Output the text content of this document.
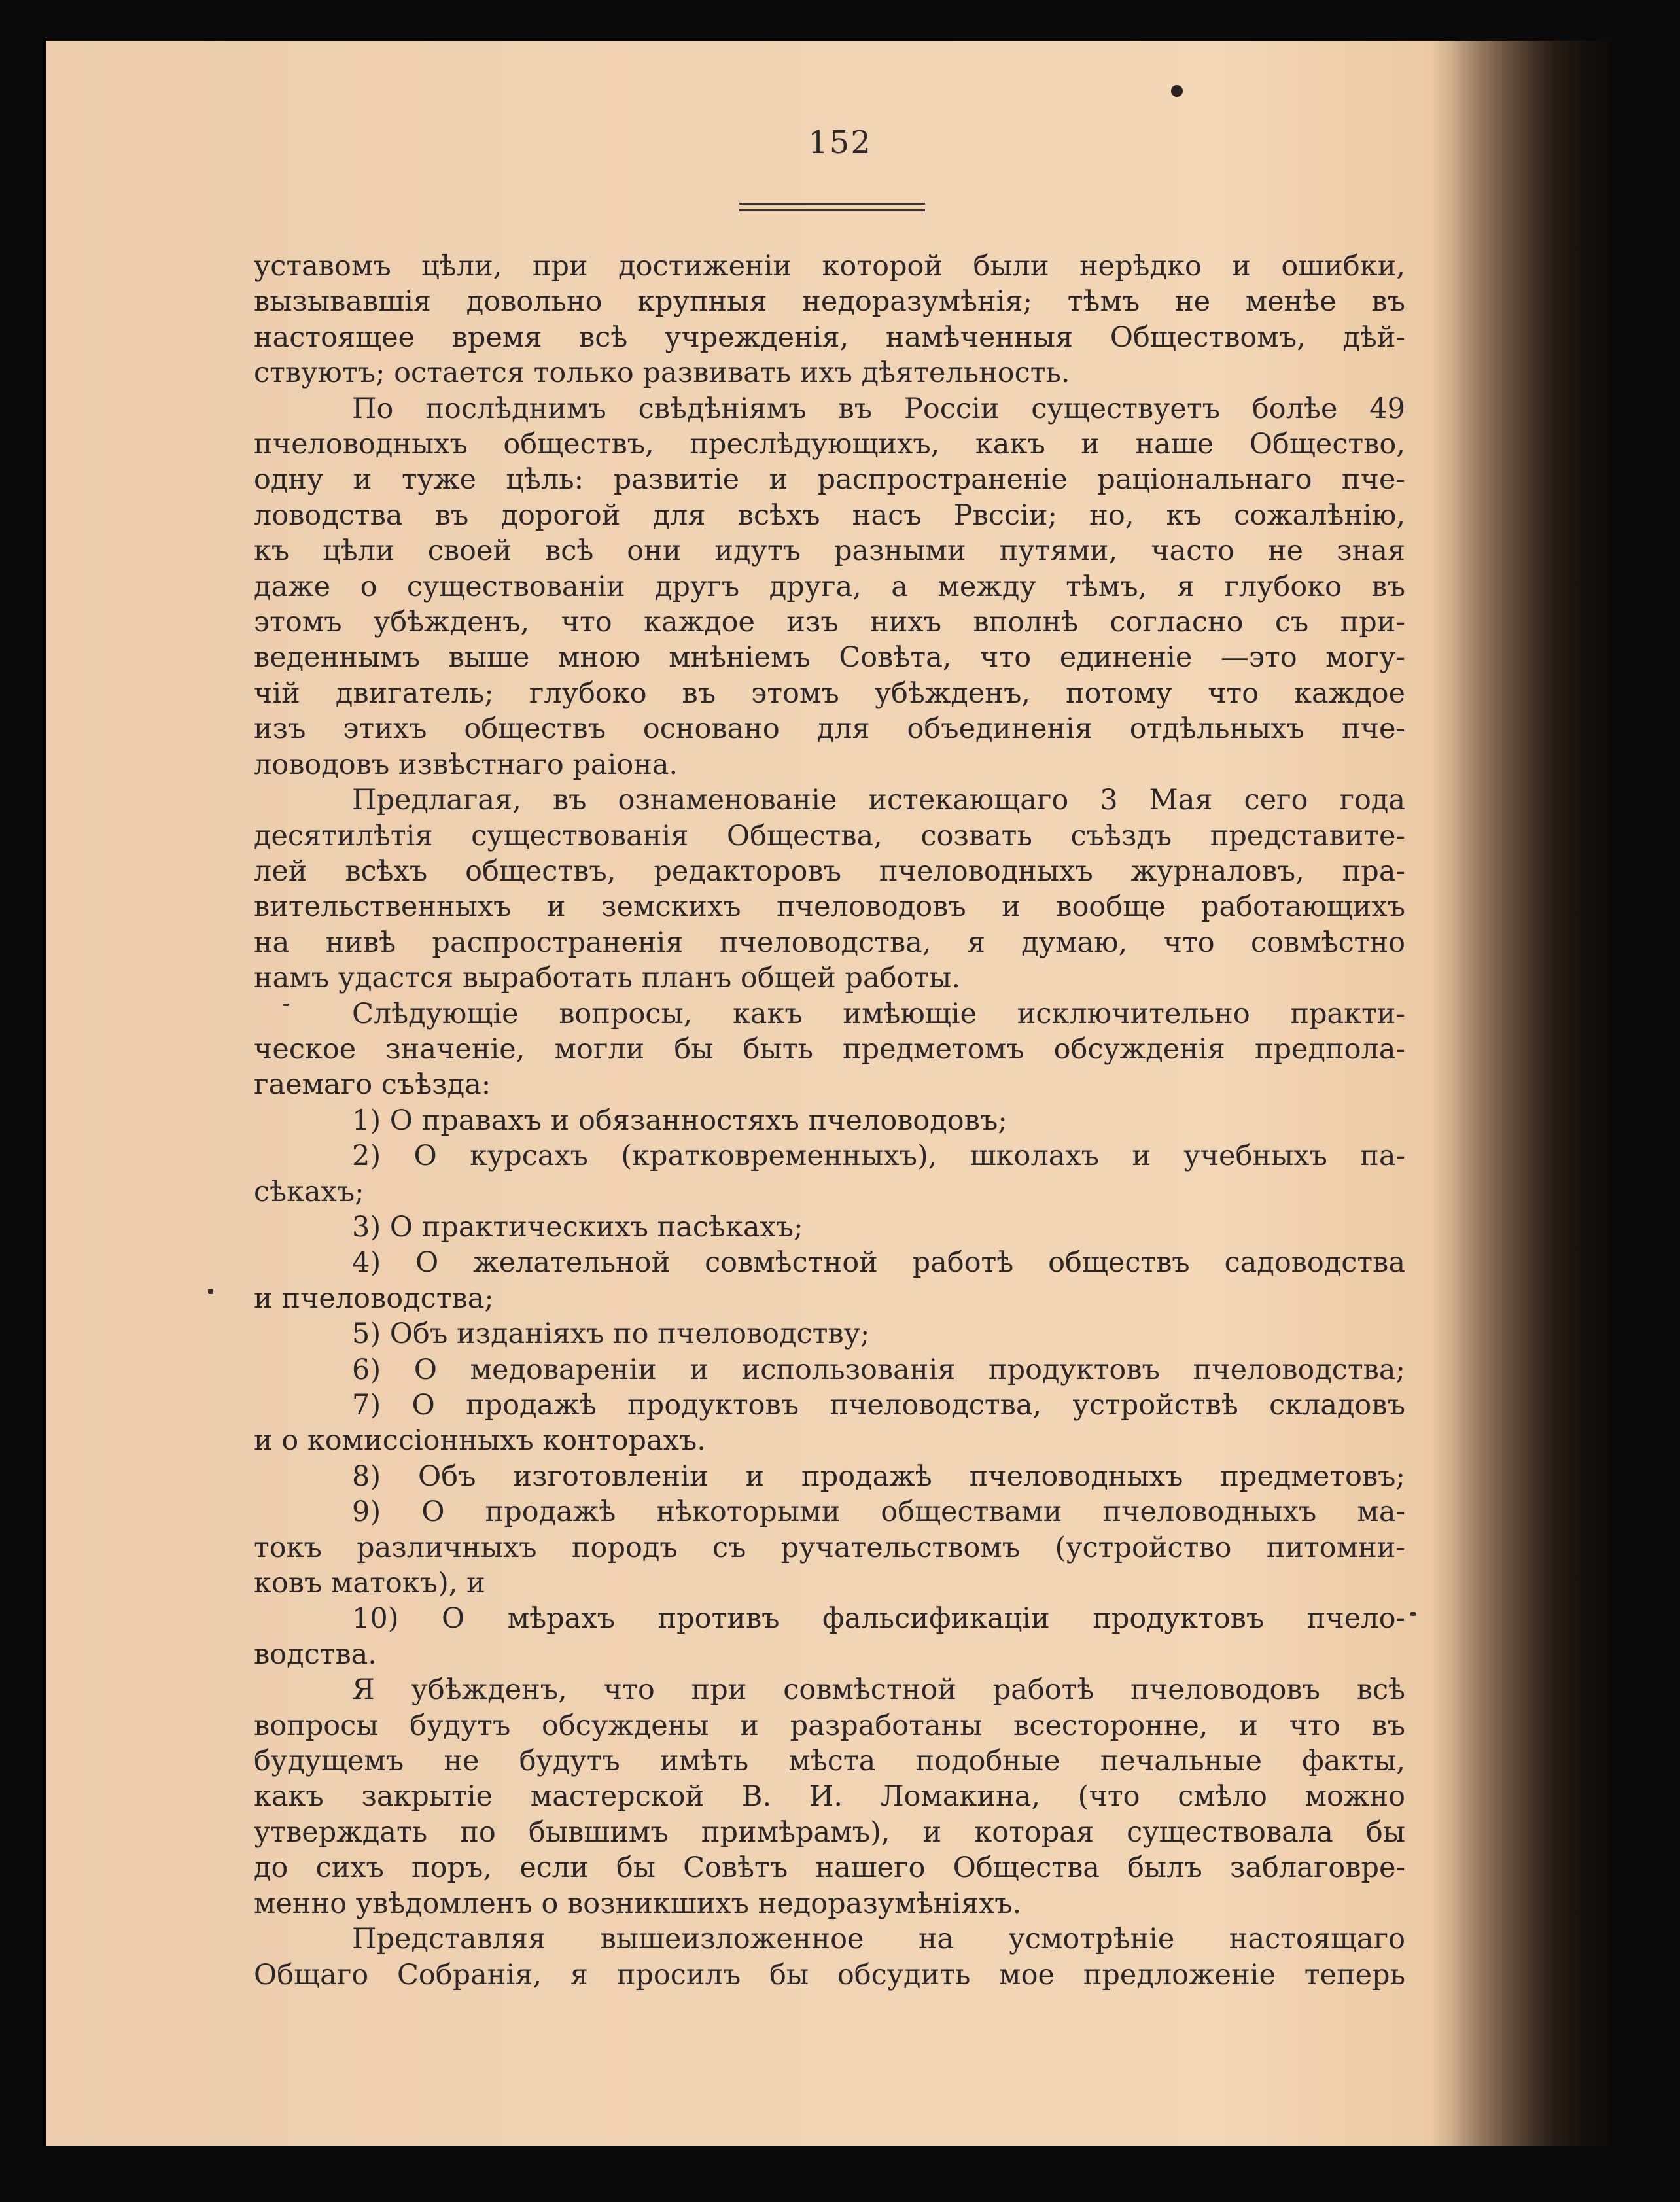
152
уставомъ цѣли, при достиженіи которой были нерѣдко и ошибки,
вызывавшія довольно крупныя недоразумѣнія; тѣмъ не менѣе въ
настоящее время всѣ учрежденія, намѣченныя Обществомъ, дѣй-
ствуютъ; остается только развивать ихъ дѣятельность.
По послѣднимъ свѣдѣніямъ въ Россіи существуетъ болѣе 49
пчеловодныхъ обществъ, преслѣдующихъ, какъ и наше Общество,
одну и туже цѣль: развитіе и распространеніе раціональнаго пче-
ловодства въ дорогой для всѣхъ насъ Рвссіи; но, къ сожалѣнію,
къ цѣли своей всѣ они идутъ разными путями, часто не зная
даже о существованіи другъ друга, а между тѣмъ, я глубоко въ
этомъ убѣжденъ, что каждое изъ нихъ вполнѣ согласно съ при-
веденнымъ выше мною мнѣніемъ Совѣта, что единеніе —это могу-
чій двигатель; глубоко въ этомъ убѣжденъ, потому что каждое
изъ этихъ обществъ основано для объединенія отдѣльныхъ пче-
ловодовъ извѣстнаго раіона.
Предлагая, въ ознаменованіе истекающаго 3 Мая сего года
десятилѣтія существованія Общества, созвать съѣздъ представите-
лей всѣхъ обществъ, редакторовъ пчеловодныхъ журналовъ, пра-
вительственныхъ и земскихъ пчеловодовъ и вообще работающихъ
на нивѣ распространенія пчеловодства, я думаю, что совмѣстно
намъ удастся выработать планъ общей работы.
Слѣдующіе вопросы, какъ имѣющіе исключительно практи-
ческое значеніе, могли бы быть предметомъ обсужденія предпола-
гаемаго съѣзда:
1) О правахъ и обязанностяхъ пчеловодовъ;
2) О курсахъ (кратковременныхъ), школахъ и учебныхъ па-
сѣкахъ;
3) О практическихъ пасѣкахъ;
4) О желательной совмѣстной работѣ обществъ садоводства
и пчеловодства;
5) Объ изданіяхъ по пчеловодству;
6) О медовареніи и использованія продуктовъ пчеловодства;
7) О продажѣ продуктовъ пчеловодства, устройствѣ складовъ
и о комиссіонныхъ конторахъ.
8) Объ изготовленіи и продажѣ пчеловодныхъ предметовъ;
9) О продажѣ нѣкоторыми обществами пчеловодныхъ ма-
токъ различныхъ породъ съ ручательствомъ (устройство питомни-
ковъ матокъ), и
10) О мѣрахъ противъ фальсификаціи продуктовъ пчело-
водства.
Я убѣжденъ, что при совмѣстной работѣ пчеловодовъ всѣ
вопросы будутъ обсуждены и разработаны всесторонне, и что въ
будущемъ не будутъ имѣть мѣста подобные печальные факты,
какъ закрытіе мастерской В. И. Ломакина, (что смѣло можно
утверждать по бывшимъ примѣрамъ), и которая существовала бы
до сихъ поръ, если бы Совѣтъ нашего Общества былъ заблаговре-
менно увѣдомленъ о возникшихъ недоразумѣніяхъ.
Представляя вышеизложенное на усмотрѣніе настоящаго
Общаго Собранія, я просилъ бы обсудить мое предложеніе теперь
